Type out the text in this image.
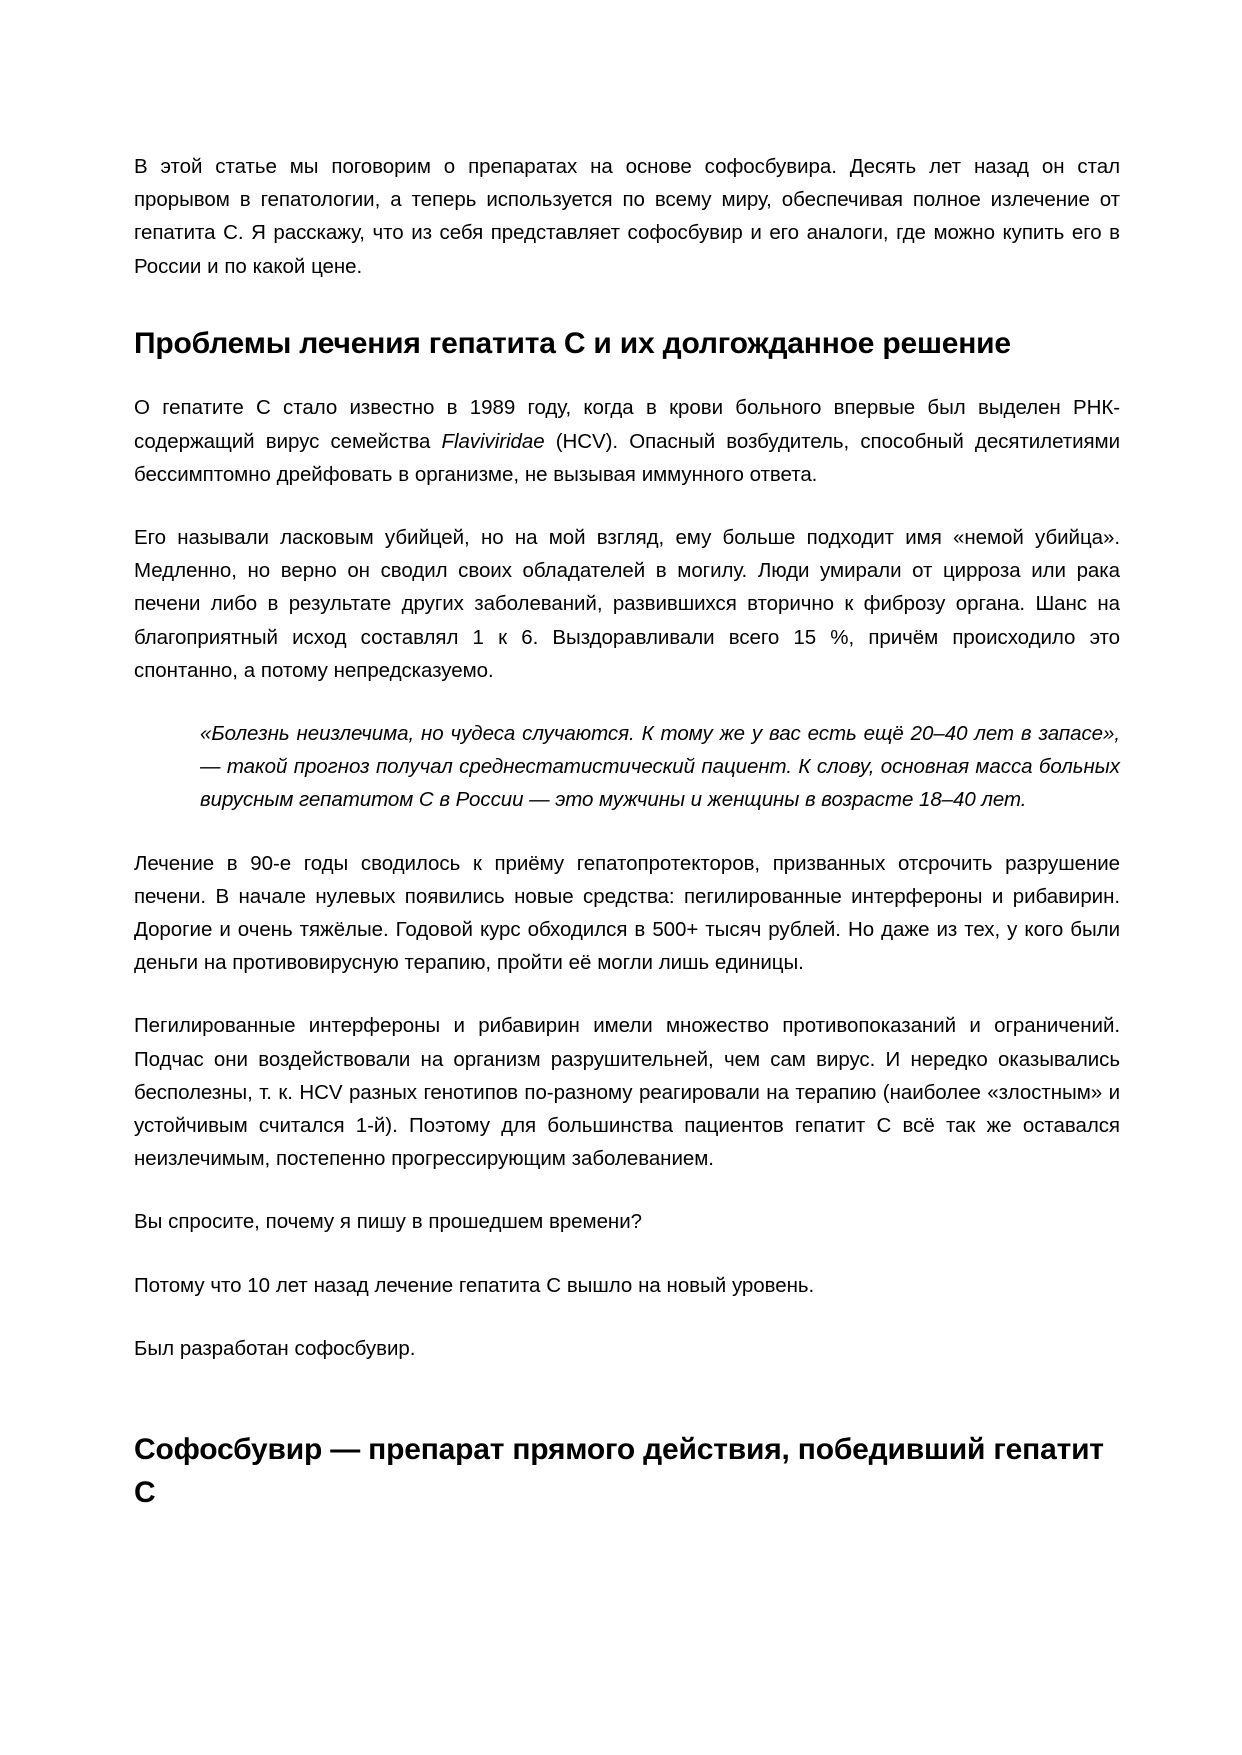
В этой статье мы поговорим о препаратах на основе софосбувира. Десять лет назад он стал прорывом в гепатологии, а теперь используется по всему миру, обеспечивая полное излечение от гепатита С. Я расскажу, что из себя представляет софосбувир и его аналоги, где можно купить его в России и по какой цене.

Проблемы лечения гепатита С и их долгожданное решение

О гепатите С стало известно в 1989 году, когда в крови больного впервые был выделен РНК-содержащий вирус семейства Flaviviridae (HCV). Опасный возбудитель, способный десятилетиями бессимптомно дрейфовать в организме, не вызывая иммунного ответа.

Его называли ласковым убийцей, но на мой взгляд, ему больше подходит имя «немой убийца». Медленно, но верно он сводил своих обладателей в могилу. Люди умирали от цирроза или рака печени либо в результате других заболеваний, развившихся вторично к фиброзу органа. Шанс на благоприятный исход составлял 1 к 6. Выздоравливали всего 15 %, причём происходило это спонтанно, а потому непредсказуемо.

«Болезнь неизлечима, но чудеса случаются. К тому же у вас есть ещё 20–40 лет в запасе», — такой прогноз получал среднестатистический пациент. К слову, основная масса больных вирусным гепатитом С в России — это мужчины и женщины в возрасте 18–40 лет.

Лечение в 90-е годы сводилось к приёму гепатопротекторов, призванных отсрочить разрушение печени. В начале нулевых появились новые средства: пегилированные интерфероны и рибавирин. Дорогие и очень тяжёлые. Годовой курс обходился в 500+ тысяч рублей. Но даже из тех, у кого были деньги на противовирусную терапию, пройти её могли лишь единицы.

Пегилированные интерфероны и рибавирин имели множество противопоказаний и ограничений. Подчас они воздействовали на организм разрушительней, чем сам вирус. И нередко оказывались бесполезны, т. к. HCV разных генотипов по-разному реагировали на терапию (наиболее «злостным» и устойчивым считался 1-й). Поэтому для большинства пациентов гепатит С всё так же оставался неизлечимым, постепенно прогрессирующим заболеванием.

Вы спросите, почему я пишу в прошедшем времени?

Потому что 10 лет назад лечение гепатита С вышло на новый уровень.

Был разработан софосбувир.

Софосбувир — препарат прямого действия, победивший гепатит С
